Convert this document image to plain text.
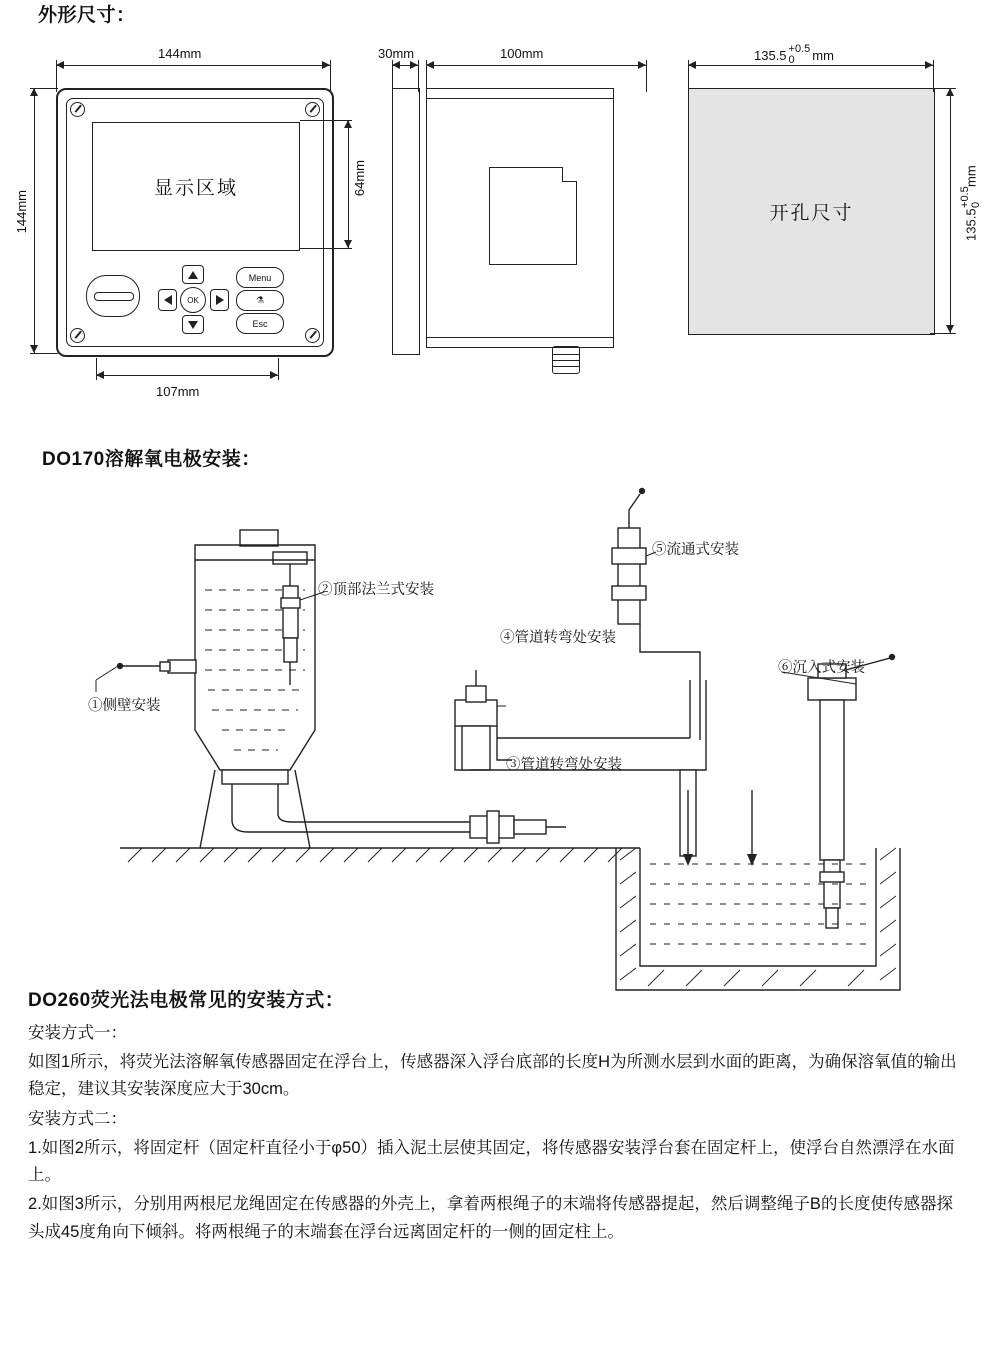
外形尺寸：
显示区域
OK
Menu
⚗
Esc
144mm
144mm
64mm
107mm
30mm	100mm
开孔尺寸
135.5 +0.5
0	mm
135.5
+0.5 0
mm
DO170溶解氧电极安装：
①侧壁安装
②顶部法兰式安装
③管道转弯处安装
④管道转弯处安装
⑤流通式安装
⑥沉入式安装
DO260荧光法电极常见的安装方式：

安装方式一：

如图1所示，将荧光法溶解氧传感器固定在浮台上，传感器深入浮台底部的长度H为所测水层到水面的距离，为确保溶氧值的输出稳定，建议其安装深度应大于30cm。

安装方式二：

1.如图2所示，将固定杆（固定杆直径小于φ50）插入泥土层使其固定，将传感器安装浮台套在固定杆上，使浮台自然漂浮在水面上。

2.如图3所示，分别用两根尼龙绳固定在传感器的外壳上，拿着两根绳子的末端将传感器提起，然后调整绳子B的长度使传感器探头成45度角向下倾斜。将两根绳子的末端套在浮台远离固定杆的一侧的固定柱上。
